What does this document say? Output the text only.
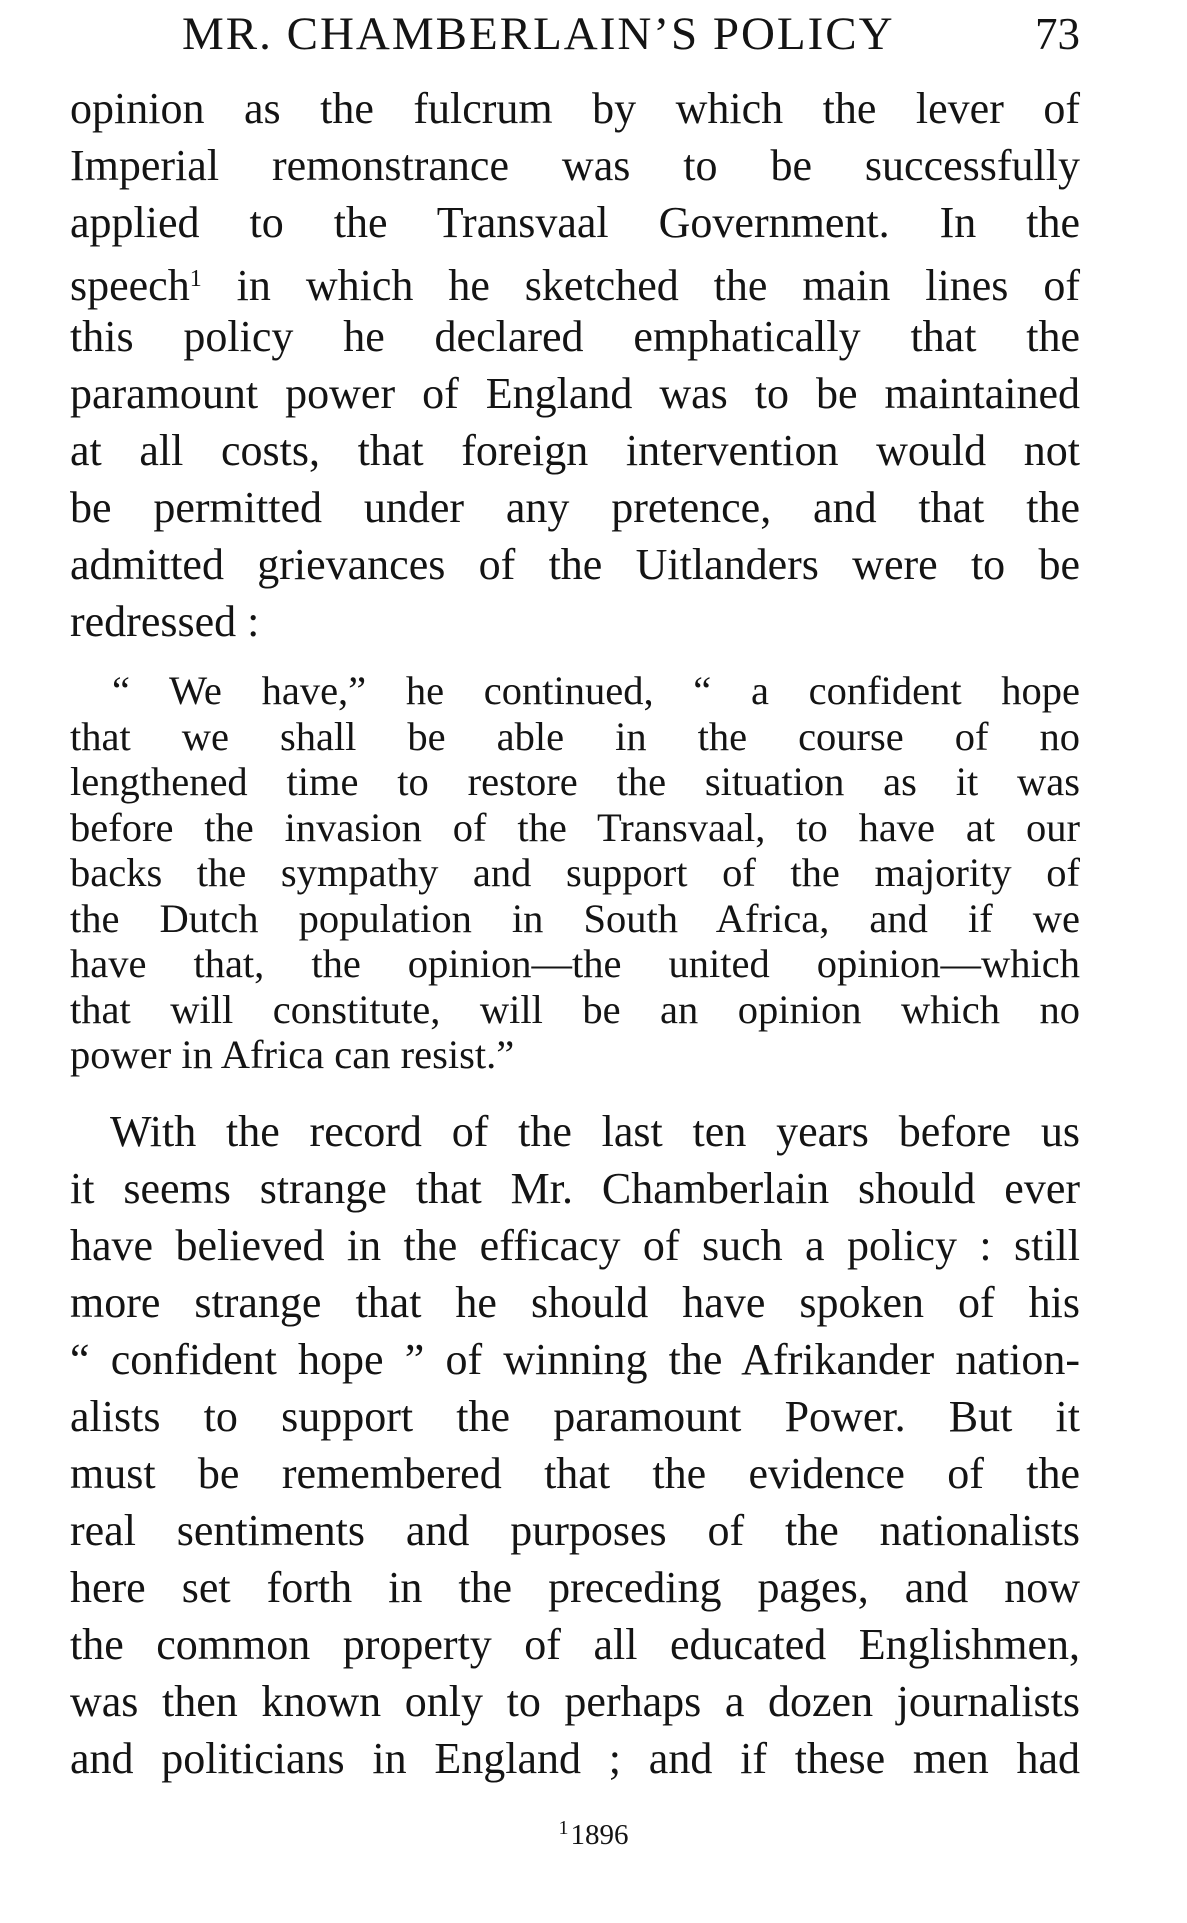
MR. CHAMBERLAIN’S POLICY	73
opinion as the fulcrum by which the lever of
Imperial remonstrance was to be successfully
applied to the Transvaal Government. In the
speech$^1$ in which he sketched the main lines of
this policy he declared emphatically that the
paramount power of England was to be maintained
at all costs, that foreign intervention would not
be permitted under any pretence, and that the
admitted grievances of the Uitlanders were to be
redressed :
“ We have,” he continued, “ a confident hope
that we shall be able in the course of no
lengthened time to restore the situation as it was
before the invasion of the Transvaal, to have at our
backs the sympathy and support of the majority of
the Dutch population in South Africa, and if we
have that, the opinion—the united opinion—which
that will constitute, will be an opinion which no
power in Africa can resist.”
With the record of the last ten years before us
it seems strange that Mr. Chamberlain should ever
have believed in the efficacy of such a policy : still
more strange that he should have spoken of his
“ confident hope ” of winning the Afrikander nation-
alists to support the paramount Power. But it
must be remembered that the evidence of the
real sentiments and purposes of the nationalists
here set forth in the preceding pages, and now
the common property of all educated Englishmen,
was then known only to perhaps a dozen journalists
and politicians in England ; and if these men had
$^1$1896
